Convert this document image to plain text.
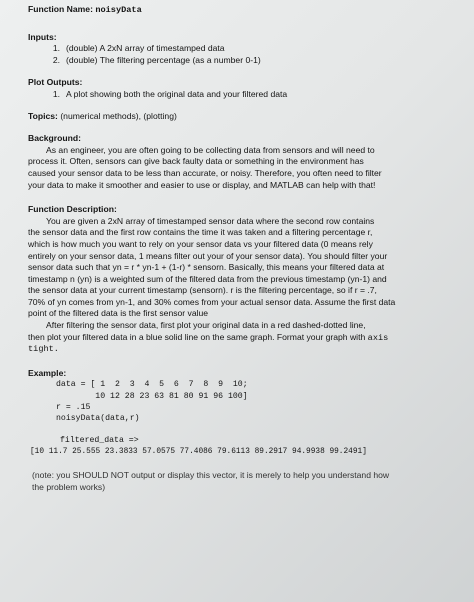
Function Name: noisyData
Inputs:
1. (double) A 2xN array of timestamped data
2. (double) The filtering percentage (as a number 0-1)
Plot Outputs:
1. A plot showing both the original data and your filtered data
Topics: (numerical methods), (plotting)
Background:
As an engineer, you are often going to be collecting data from sensors and will need to
process it. Often, sensors can give back faulty data or something in the environment has
caused your sensor data to be less than accurate, or noisy. Therefore, you often need to filter
your data to make it smoother and easier to use or display, and MATLAB can help with that!
Function Description:
You are given a 2xN array of timestamped sensor data where the second row contains
the sensor data and the first row contains the time it was taken and a filtering percentage r,
which is how much you want to rely on your sensor data vs your filtered data (0 means rely
entirely on your sensor data, 1 means filter out your of your sensor data). You should filter your
sensor data such that yn = r * yn-1 + (1-r) * sensorn. Basically, this means your filtered data at
timestamp n (yn) is a weighted sum of the filtered data from the previous timestamp (yn-1) and
the sensor data at your current timestamp (sensorn). r is the filtering percentage, so if r = .7,
70% of yn comes from yn-1, and 30% comes from your actual sensor data. Assume the first data
point of the filtered data is the first sensor value
After filtering the sensor data, first plot your original data in a red dashed-dotted line,
then plot your filtered data in a blue solid line on the same graph. Format your graph with axis
tight.
Example:
data = [ 1  2  3  4  5  6  7  8  9  10;
10 12 28 23 63 81 80 91 96 100]
r = .15
noisyData(data,r)

filtered_data =>
[10 11.7 25.555 23.3833 57.0575 77.4086 79.6113 89.2917 94.9938 99.2491]
(note: you SHOULD NOT output or display this vector, it is merely to help you understand how
the problem works)
